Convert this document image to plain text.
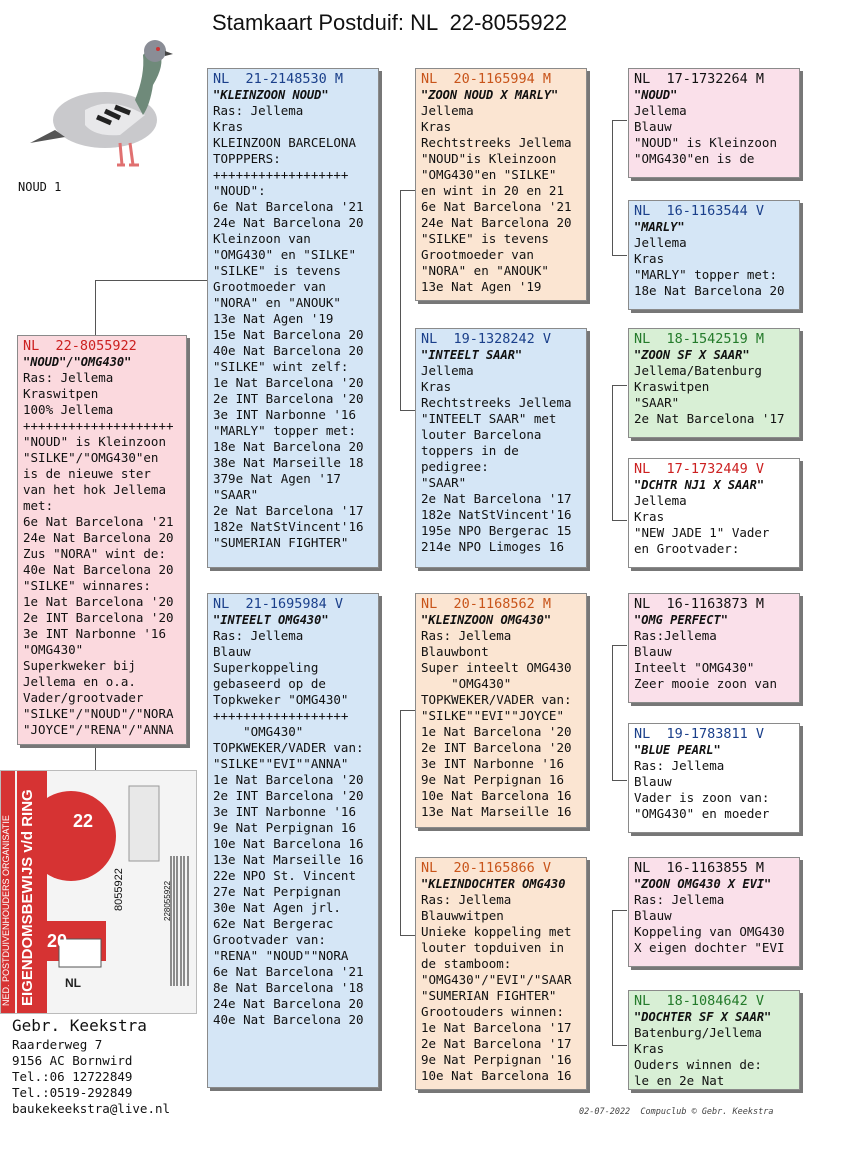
Stamkaart Postduif: NL  22-8055922
NOUD 1
NL  22-8055922
"NOUD"/"OMG430"
Ras: Jellema
Kraswitpen
100% Jellema
++++++++++++++++++++
"NOUD" is Kleinzoon
"SILKE"/"OMG430"en
is de nieuwe ster
van het hok Jellema
met:
6e Nat Barcelona '21
24e Nat Barcelona 20
Zus "NORA" wint de:
40e Nat Barcelona 20
"SILKE" winnares:
1e Nat Barcelona '20
2e INT Barcelona '20
3e INT Narbonne '16
"OMG430"
Superkweker bij
Jellema en o.a.
Vader/grootvader
"SILKE"/"NOUD"/"NORA
"JOYCE"/"RENA"/"ANNA
NL  21-2148530 M
"KLEINZOON NOUD"
Ras: Jellema
Kras
KLEINZOON BARCELONA
TOPPPERS:
++++++++++++++++++
"NOUD":
6e Nat Barcelona '21
24e Nat Barcelona 20
Kleinzoon van
"OMG430" en "SILKE"
"SILKE" is tevens
Grootmoeder van
"NORA" en "ANOUK"
13e Nat Agen '19
15e Nat Barcelona 20
40e Nat Barcelona 20
"SILKE" wint zelf:
1e Nat Barcelona '20
2e INT Barcelona '20
3e INT Narbonne '16
"MARLY" topper met:
18e Nat Barcelona 20
38e Nat Marseille 18
379e Nat Agen '17
"SAAR"
2e Nat Barcelona '17
182e NatStVincent'16
"SUMERIAN FIGHTER"
NL  21-1695984 V
"INTEELT OMG430"
Ras: Jellema
Blauw
Superkoppeling
gebaseerd op de
Topkweker "OMG430"
++++++++++++++++++
"OMG430"
TOPKWEKER/VADER van:
"SILKE""EVI""ANNA"
1e Nat Barcelona '20
2e INT Barcelona '20
3e INT Narbonne '16
9e Nat Perpignan 16
10e Nat Barcelona 16
13e Nat Marseille 16
22e NPO St. Vincent
27e Nat Perpignan
30e Nat Agen jrl.
62e Nat Bergerac
Grootvader van:
"RENA" "NOUD""NORA
6e Nat Barcelona '21
8e Nat Barcelona '18
24e Nat Barcelona 20
40e Nat Barcelona 20
NL  20-1165994 M
"ZOON NOUD X MARLY"
Jellema
Kras
Rechtstreeks Jellema
"NOUD"is Kleinzoon
"OMG430"en "SILKE"
en wint in 20 en 21
6e Nat Barcelona '21
24e Nat Barcelona 20
"SILKE" is tevens
Grootmoeder van
"NORA" en "ANOUK"
13e Nat Agen '19
NL  19-1328242 V
"INTEELT SAAR"
Jellema
Kras
Rechtstreeks Jellema
"INTEELT SAAR" met
louter Barcelona
toppers in de
pedigree:
"SAAR"
2e Nat Barcelona '17
182e NatStVincent'16
195e NPO Bergerac 15
214e NPO Limoges 16
NL  20-1168562 M
"KLEINZOON OMG430"
Ras: Jellema
Blauwbont
Super inteelt OMG430
"OMG430"
TOPKWEKER/VADER van:
"SILKE""EVI""JOYCE"
1e Nat Barcelona '20
2e INT Barcelona '20
3e INT Narbonne '16
9e Nat Perpignan 16
10e Nat Barcelona 16
13e Nat Marseille 16
NL  20-1165866 V
"KLEINDOCHTER OMG430
Ras: Jellema
Blauwwitpen
Unieke koppeling met
louter topduiven in
de stamboom:
"OMG430"/"EVI"/"SAAR
"SUMERIAN FIGHTER"
Grootouders winnen:
1e Nat Barcelona '17
2e Nat Barcelona '17
9e Nat Perpignan '16
10e Nat Barcelona 16
NL  17-1732264 M
"NOUD"
Jellema
Blauw
"NOUD" is Kleinzoon
"OMG430"en is de
NL  16-1163544 V
"MARLY"
Jellema
Kras
"MARLY" topper met:
18e Nat Barcelona 20
NL  18-1542519 M
"ZOON SF X SAAR"
Jellema/Batenburg
Kraswitpen
"SAAR"
2e Nat Barcelona '17
NL  17-1732449 V
"DCHTR NJ1 X SAAR"
Jellema
Kras
"NEW JADE 1" Vader
en Grootvader:
NL  16-1163873 M
"OMG PERFECT"
Ras:Jellema
Blauw
Inteelt "OMG430"
Zeer mooie zoon van
NL  19-1783811 V
"BLUE PEARL"
Ras: Jellema
Blauw
Vader is zoon van:
"OMG430" en moeder
NL  16-1163855 M
"ZOON OMG430 X EVI"
Ras: Jellema
Blauw
Koppeling van OMG430
X eigen dochter "EVI
NL  18-1084642 V
"DOCHTER SF X SAAR"
Batenburg/Jellema
Kras
Ouders winnen de:
le en 2e Nat
NED. POSTDUIVENHOUDERS ORGANISATIE EIGENDOMSBEWIJS v/d RING 22
20
NL
8055922	228055922
Gebr. Keekstra
Raarderweg 7
9156 AC Bornwird
Tel.:06 12722849
Tel.:0519-292849
baukekeekstra@live.nl	02-07-2022  Compuclub © Gebr. Keekstra
